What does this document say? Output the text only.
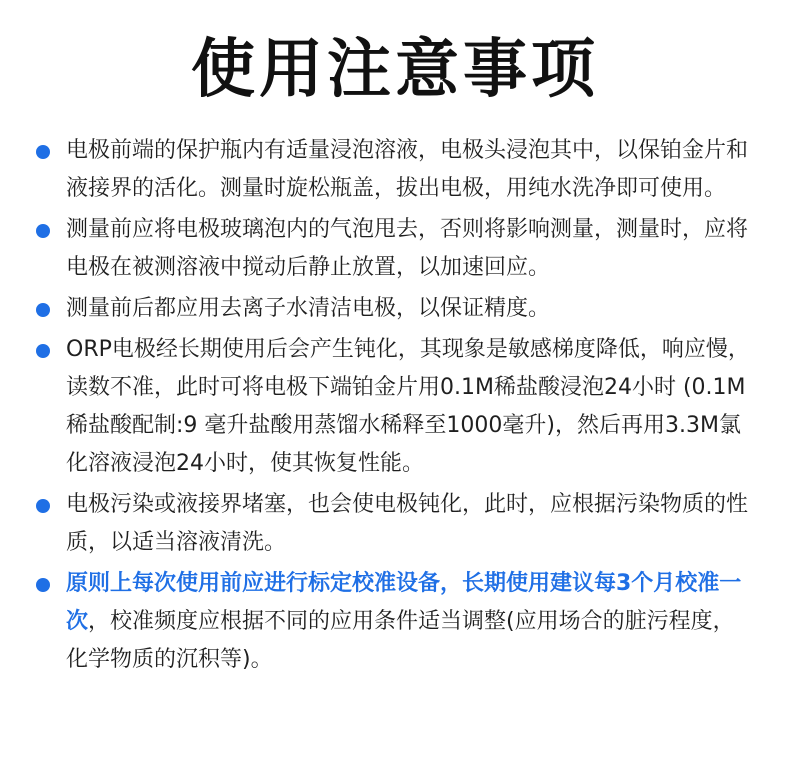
使用注意事项
电极前端的保护瓶内有适量浸泡溶液，电极头浸泡其中，以保铂金片和液接界的活化。测量时旋松瓶盖，拔出电极，用纯水洗净即可使用。
测量前应将电极玻璃泡内的气泡甩去，否则将影响测量，测量时，应将电极在被测溶液中搅动后静止放置，以加速回应。
测量前后都应用去离子水清洁电极，以保证精度。
ORP电极经长期使用后会产生钝化，其现象是敏感梯度降低，响应慢，读数不准，此时可将电极下端铂金片用0.1M稀盐酸浸泡24小时 (0.1M稀盐酸配制:9 毫升盐酸用蒸馏水稀释至1000毫升)，然后再用3.3M氯化溶液浸泡24小时，使其恢复性能。
电极污染或液接界堵塞，也会使电极钝化，此时，应根据污染物质的性质，以适当溶液清洗。
原则上每次使用前应进行标定校准设备，长期使用建议每3个月校准一次，校准频度应根据不同的应用条件适当调整(应用场合的脏污程度，化学物质的沉积等)。
